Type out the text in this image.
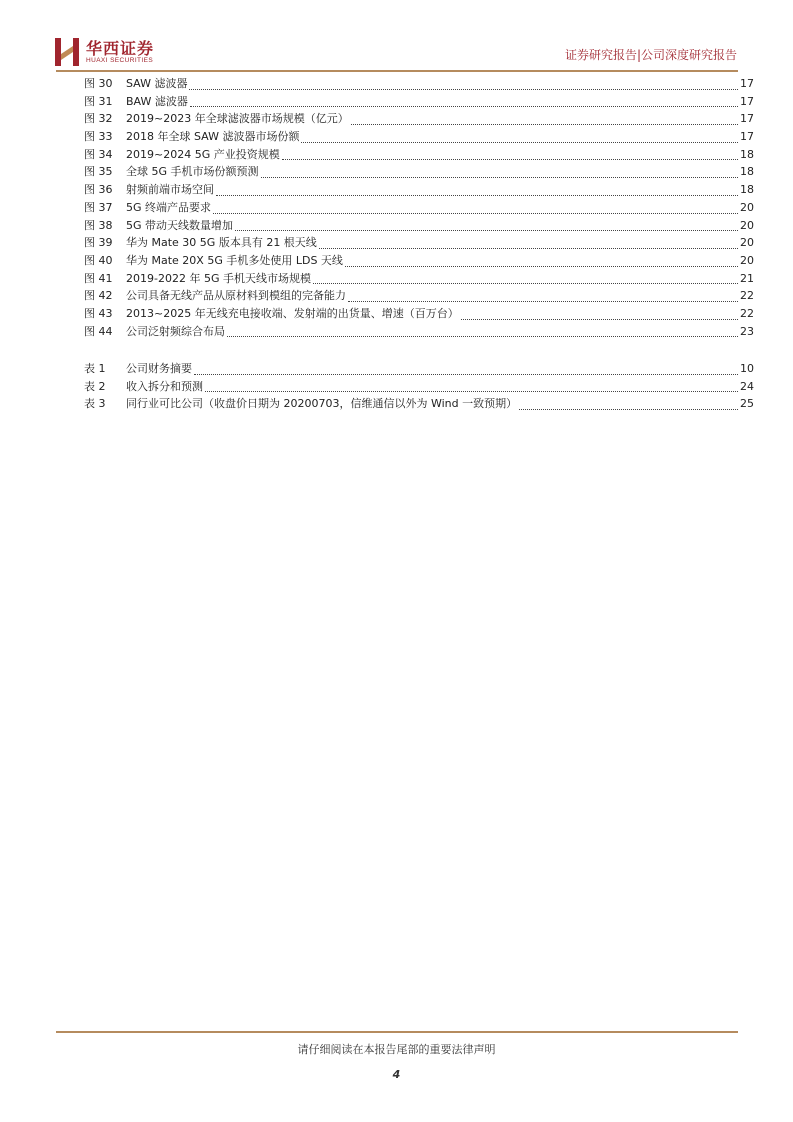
华西证券
HUAXI SECURITIES	证券研究报告|公司深度研究报告
图 30	SAW 滤波器	17
图 31	BAW 滤波器	17
图 32	2019~2023 年全球滤波器市场规模（亿元）	17
图 33	2018 年全球 SAW 滤波器市场份额	17
图 34	2019~2024 5G 产业投资规模	18
图 35	全球 5G 手机市场份额预测	18
图 36	射频前端市场空间	18
图 37	5G 终端产品要求	20
图 38	5G 带动天线数量增加	20
图 39	华为 Mate 30 5G 版本具有 21 根天线	20
图 40	华为 Mate 20X 5G 手机多处使用 LDS 天线	20
图 41	2019-2022 年 5G 手机天线市场规模	21
图 42	公司具备无线产品从原材料到模组的完备能力	22
图 43	2013~2025 年无线充电接收端、发射端的出货量、增速（百万台）	22
图 44	公司泛射频综合布局	23
表 1	公司财务摘要	10
表 2	收入拆分和预测	24
表 3	同行业可比公司（收盘价日期为 20200703，信维通信以外为 Wind 一致预期）	25
请仔细阅读在本报告尾部的重要法律声明
4
